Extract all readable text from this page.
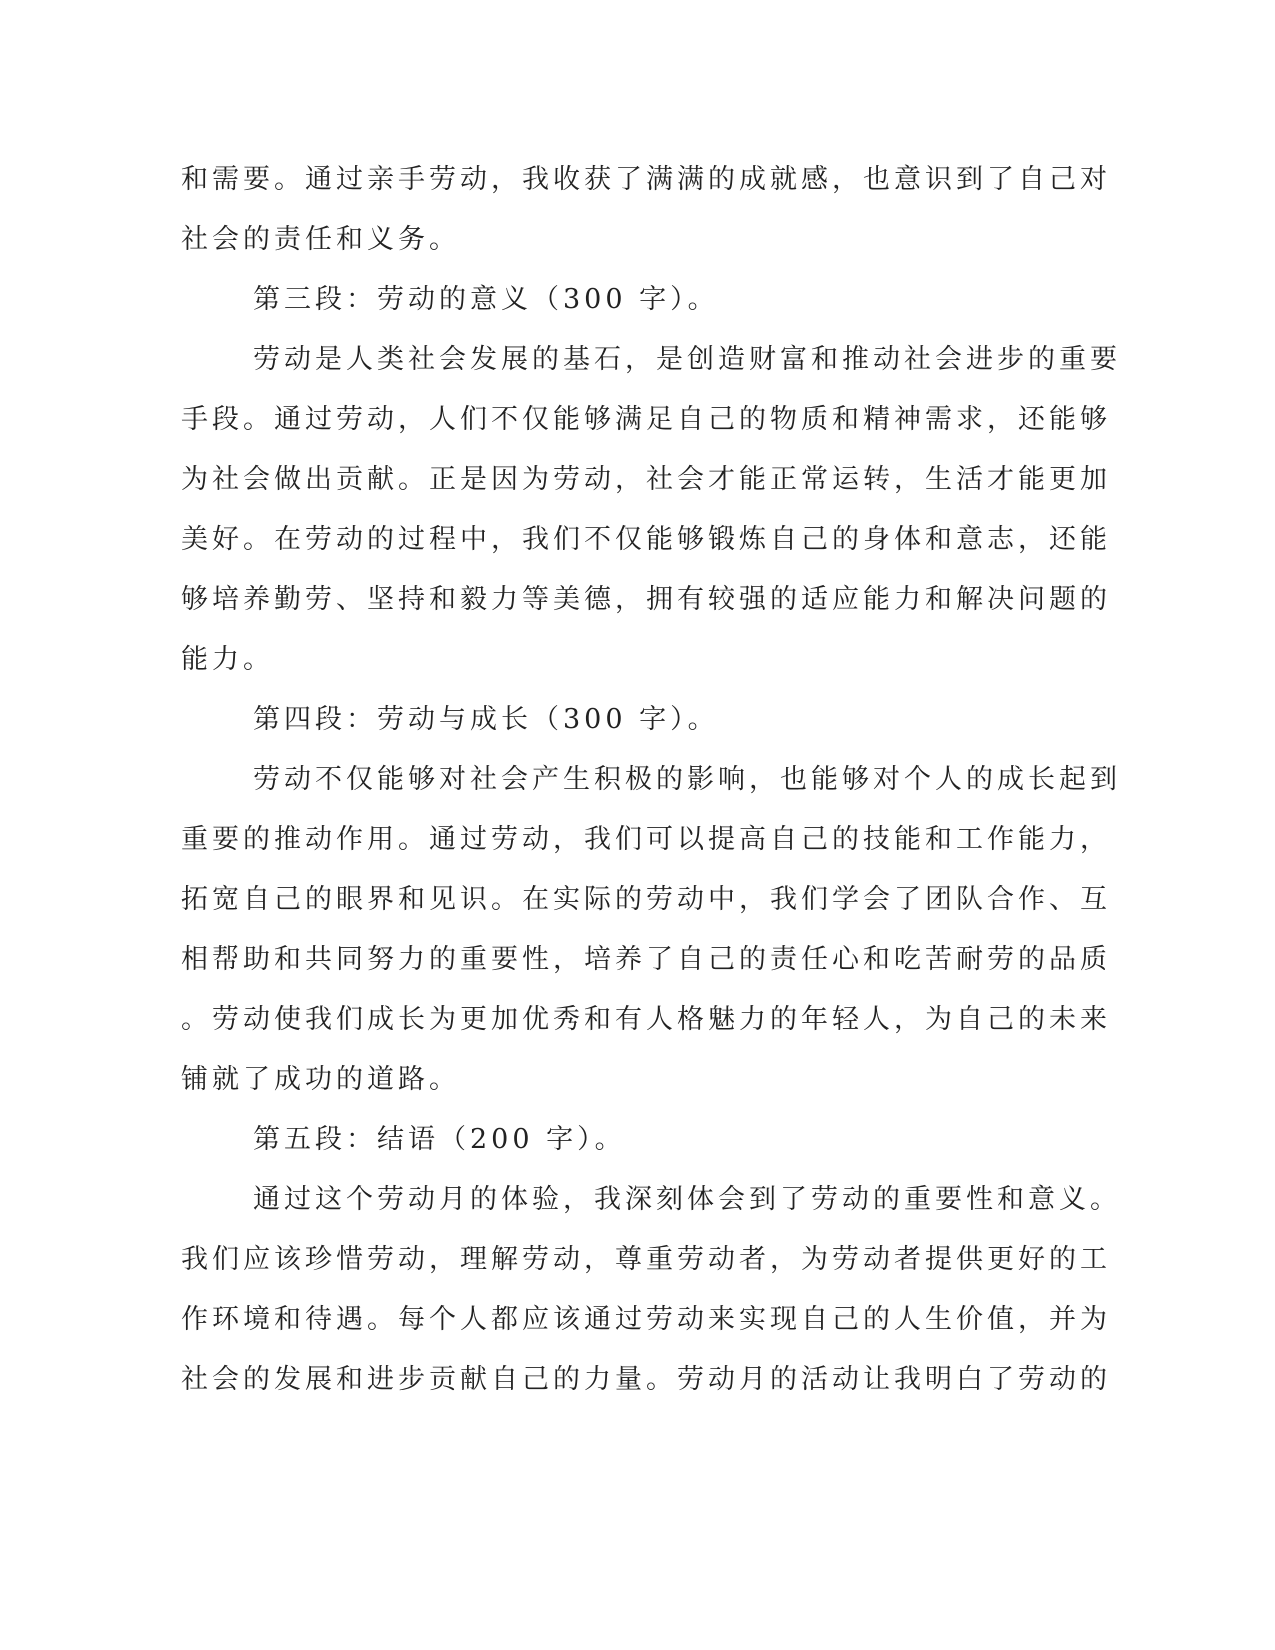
和需要。通过亲手劳动，我收获了满满的成就感，也意识到了自己对
社会的责任和义务。
第三段：劳动的意义（300 字）。
劳动是人类社会发展的基石，是创造财富和推动社会进步的重要
手段。通过劳动，人们不仅能够满足自己的物质和精神需求，还能够
为社会做出贡献。正是因为劳动，社会才能正常运转，生活才能更加
美好。在劳动的过程中，我们不仅能够锻炼自己的身体和意志，还能
够培养勤劳、坚持和毅力等美德，拥有较强的适应能力和解决问题的
能力。
第四段：劳动与成长（300 字）。
劳动不仅能够对社会产生积极的影响，也能够对个人的成长起到
重要的推动作用。通过劳动，我们可以提高自己的技能和工作能力，
拓宽自己的眼界和见识。在实际的劳动中，我们学会了团队合作、互
相帮助和共同努力的重要性，培养了自己的责任心和吃苦耐劳的品质
。劳动使我们成长为更加优秀和有人格魅力的年轻人，为自己的未来
铺就了成功的道路。
第五段：结语（200 字）。
通过这个劳动月的体验，我深刻体会到了劳动的重要性和意义。
我们应该珍惜劳动，理解劳动，尊重劳动者，为劳动者提供更好的工
作环境和待遇。每个人都应该通过劳动来实现自己的人生价值，并为
社会的发展和进步贡献自己的力量。劳动月的活动让我明白了劳动的
